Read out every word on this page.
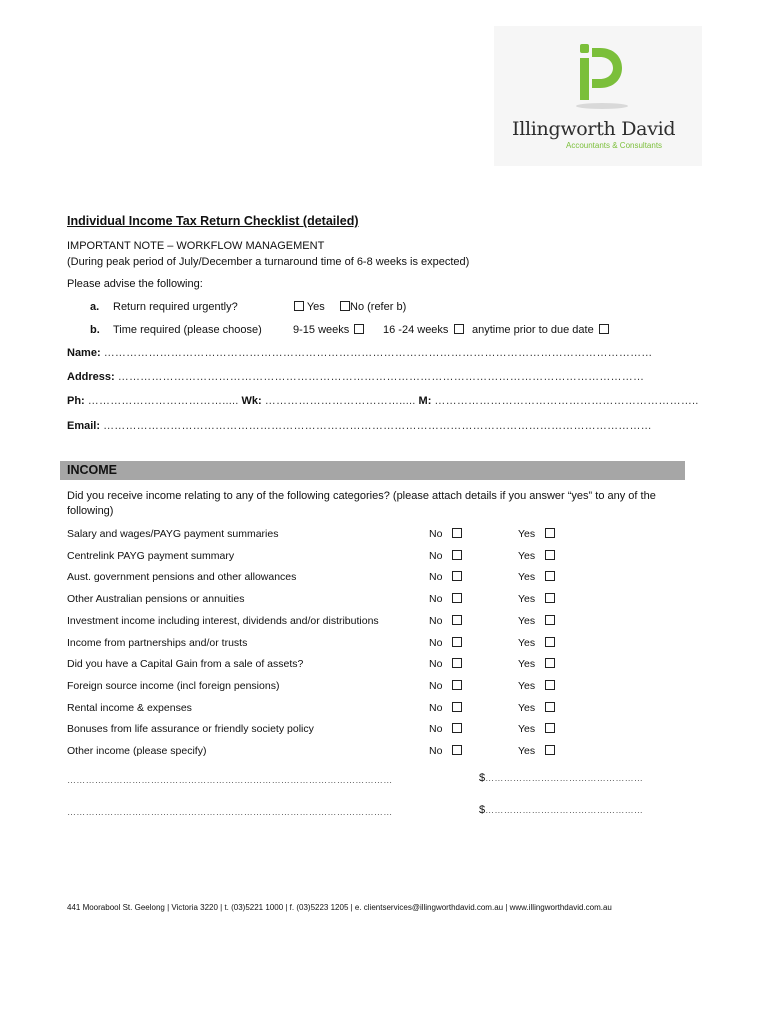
Illingworth David
Accountants & Consultants
Individual Income Tax Return Checklist (detailed)
IMPORTANT NOTE – WORKFLOW MANAGEMENT
(During peak period of July/December a turnaround time of 6-8 weeks is expected)
Please advise the following:
a. Return required urgently?	Yes	No (refer b)
b. Time required (please choose)	9-15 weeks	16 -24 weeks	anytime prior to due date
Name: …………………………………………………………………………………………………………………………………
Address: ……………………………………………………………………………………………………………………………
Ph: ………………………………..... Wk: ………………………………..... M: ……………………………………………………………..
Email: …………………………………………………………………………………………………………………………………
INCOME
Did you receive income relating to any of the following categories? (please attach details if you answer “yes” to any of the following)
Salary and wages/PAYG payment summaries	No	Yes
Centrelink PAYG payment summary	No	Yes
Aust. government pensions and other allowances	No	Yes
Other Australian pensions or annuities	No	Yes
Investment income including interest, dividends and/or distributions	No	Yes
Income from partnerships and/or trusts	No	Yes
Did you have a Capital Gain from a sale of assets?	No	Yes
Foreign source income (incl foreign pensions)	No	Yes
Rental income & expenses	No	Yes
Bonuses from life assurance or friendly society policy	No	Yes
Other income (please specify)	No	Yes
……………………………………………………………………………………………	$……………………………………………
……………………………………………………………………………………………	$……………………………………………
441 Moorabool St. Geelong | Victoria 3220 | t. (03)5221 1000 | f. (03)5223 1205 | e. clientservices@illingworthdavid.com.au | www.illingworthdavid.com.au
